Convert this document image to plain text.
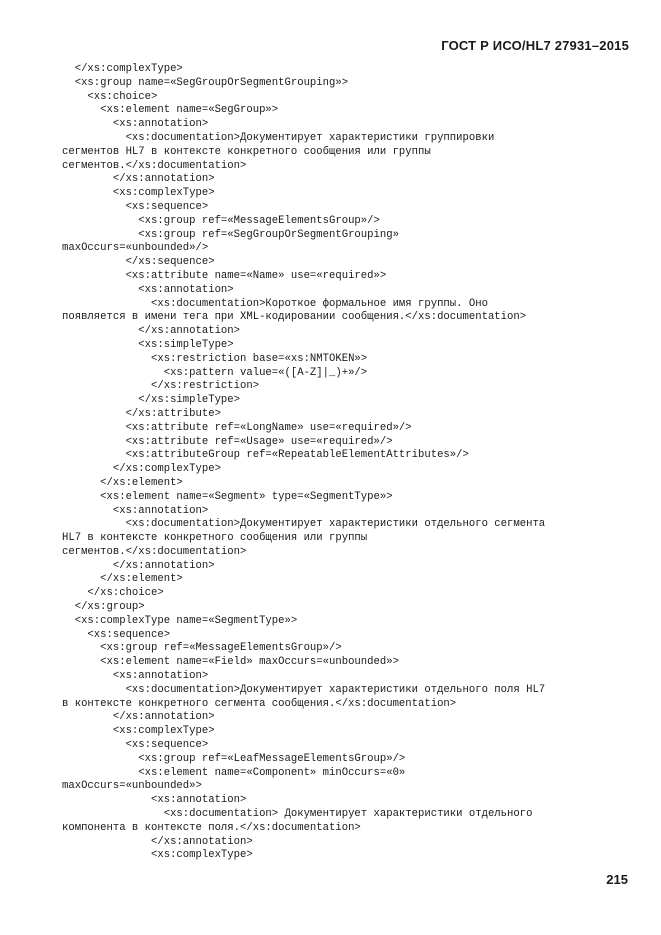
ГОСТ Р ИСО/HL7 27931–2015
</xs:complexType>
<xs:group name=«SegGroupOrSegmentGrouping»>
<xs:choice>
<xs:element name=«SegGroup»>
<xs:annotation>
<xs:documentation>Документирует характеристики группировки
сегментов HL7 в контексте конкретного сообщения или группы
сегментов.</xs:documentation>
</xs:annotation>
<xs:complexType>
<xs:sequence>
<xs:group ref=«MessageElementsGroup»/>
<xs:group ref=«SegGroupOrSegmentGrouping»
maxOccurs=«unbounded»/>
</xs:sequence>
<xs:attribute name=«Name» use=«required»>
<xs:annotation>
<xs:documentation>Короткое формальное имя группы. Оно
появляется в имени тега при XML-кодировании сообщения.</xs:documentation>
</xs:annotation>
<xs:simpleType>
<xs:restriction base=«xs:NMTOKEN»>
<xs:pattern value=«([A-Z]|_)+»/>
</xs:restriction>
</xs:simpleType>
</xs:attribute>
<xs:attribute ref=«LongName» use=«required»/>
<xs:attribute ref=«Usage» use=«required»/>
<xs:attributeGroup ref=«RepeatableElementAttributes»/>
</xs:complexType>
</xs:element>
<xs:element name=«Segment» type=«SegmentType»>
<xs:annotation>
<xs:documentation>Документирует характеристики отдельного сегмента
HL7 в контексте конкретного сообщения или группы
сегментов.</xs:documentation>
</xs:annotation>
</xs:element>
</xs:choice>
</xs:group>
<xs:complexType name=«SegmentType»>
<xs:sequence>
<xs:group ref=«MessageElementsGroup»/>
<xs:element name=«Field» maxOccurs=«unbounded»>
<xs:annotation>
<xs:documentation>Документирует характеристики отдельного поля HL7
в контексте конкретного сегмента сообщения.</xs:documentation>
</xs:annotation>
<xs:complexType>
<xs:sequence>
<xs:group ref=«LeafMessageElementsGroup»/>
<xs:element name=«Component» minOccurs=«0»
maxOccurs=«unbounded»>
<xs:annotation>
<xs:documentation> Документирует характеристики отдельного
компонента в контексте поля.</xs:documentation>
</xs:annotation>
<xs:complexType>
215
